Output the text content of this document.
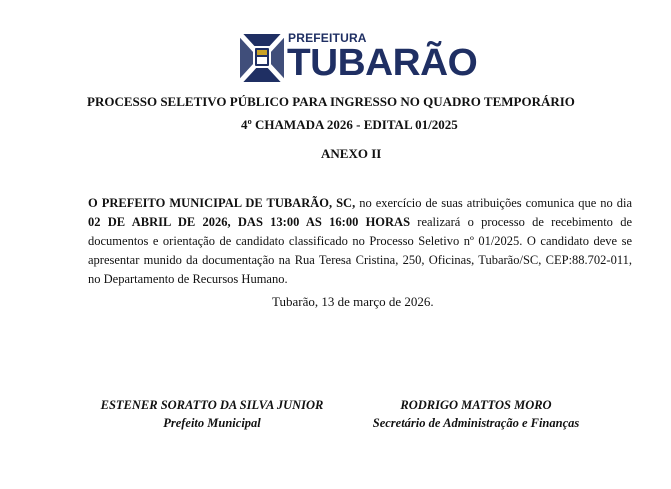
PREFEITURA
TUBARÃO
PROCESSO SELETIVO PÚBLICO PARA INGRESSO NO QUADRO TEMPORÁRIO
4º CHAMADA 2026 - EDITAL 01/2025
ANEXO II
O PREFEITO MUNICIPAL DE TUBARÃO, SC, no exercício de suas atribuições comunica que no dia 02 DE ABRIL DE 2026, DAS 13:00 AS 16:00 HORAS realizará o processo de recebimento de documentos e orientação de candidato classificado no Processo Seletivo nº 01/2025. O candidato deve se apresentar munido da documentação na Rua Teresa Cristina, 250, Oficinas, Tubarão/SC, CEP:88.702-011, no Departamento de Recursos Humano.
Tubarão, 13 de março de 2026.
ESTENER SORATTO DA SILVA JUNIOR
Prefeito Municipal
RODRIGO MATTOS MORO
Secretário de Administração e Finanças
